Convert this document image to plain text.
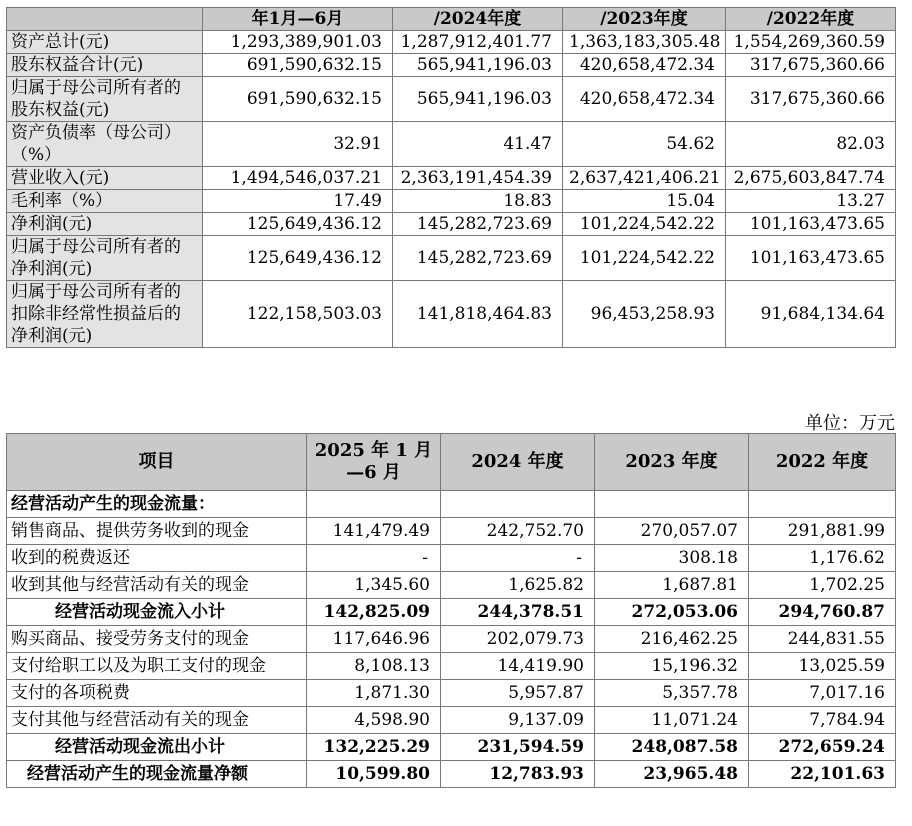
	年1月—6月	/2024年度	/2023年度	/2022年度
资产总计(元)	1,293,389,901.03	1,287,912,401.77	1,363,183,305.48	1,554,269,360.59
股东权益合计(元)	691,590,632.15	565,941,196.03	420,658,472.34	317,675,360.66
归属于母公司所有者的股东权益(元)	691,590,632.15	565,941,196.03	420,658,472.34	317,675,360.66
资产负债率（母公司）（%）	32.91	41.47	54.62	82.03
营业收入(元)	1,494,546,037.21	2,363,191,454.39	2,637,421,406.21	2,675,603,847.74
毛利率（%）	17.49	18.83	15.04	13.27
净利润(元)	125,649,436.12	145,282,723.69	101,224,542.22	101,163,473.65
归属于母公司所有者的净利润(元)	125,649,436.12	145,282,723.69	101,224,542.22	101,163,473.65
归属于母公司所有者的扣除非经常性损益后的净利润(元)	122,158,503.03	141,818,464.83	96,453,258.93	91,684,134.64
单位：万元
项目	2025 年 1 月—6 月	2024 年度	2023 年度	2022 年度
经营活动产生的现金流量：				
销售商品、提供劳务收到的现金	141,479.49	242,752.70	270,057.07	291,881.99
收到的税费返还	-	-	308.18	1,176.62
收到其他与经营活动有关的现金	1,345.60	1,625.82	1,687.81	1,702.25
经营活动现金流入小计	142,825.09	244,378.51	272,053.06	294,760.87
购买商品、接受劳务支付的现金	117,646.96	202,079.73	216,462.25	244,831.55
支付给职工以及为职工支付的现金	8,108.13	14,419.90	15,196.32	13,025.59
支付的各项税费	1,871.30	5,957.87	5,357.78	7,017.16
支付其他与经营活动有关的现金	4,598.90	9,137.09	11,071.24	7,784.94
经营活动现金流出小计	132,225.29	231,594.59	248,087.58	272,659.24
经营活动产生的现金流量净额	10,599.80	12,783.93	23,965.48	22,101.63
